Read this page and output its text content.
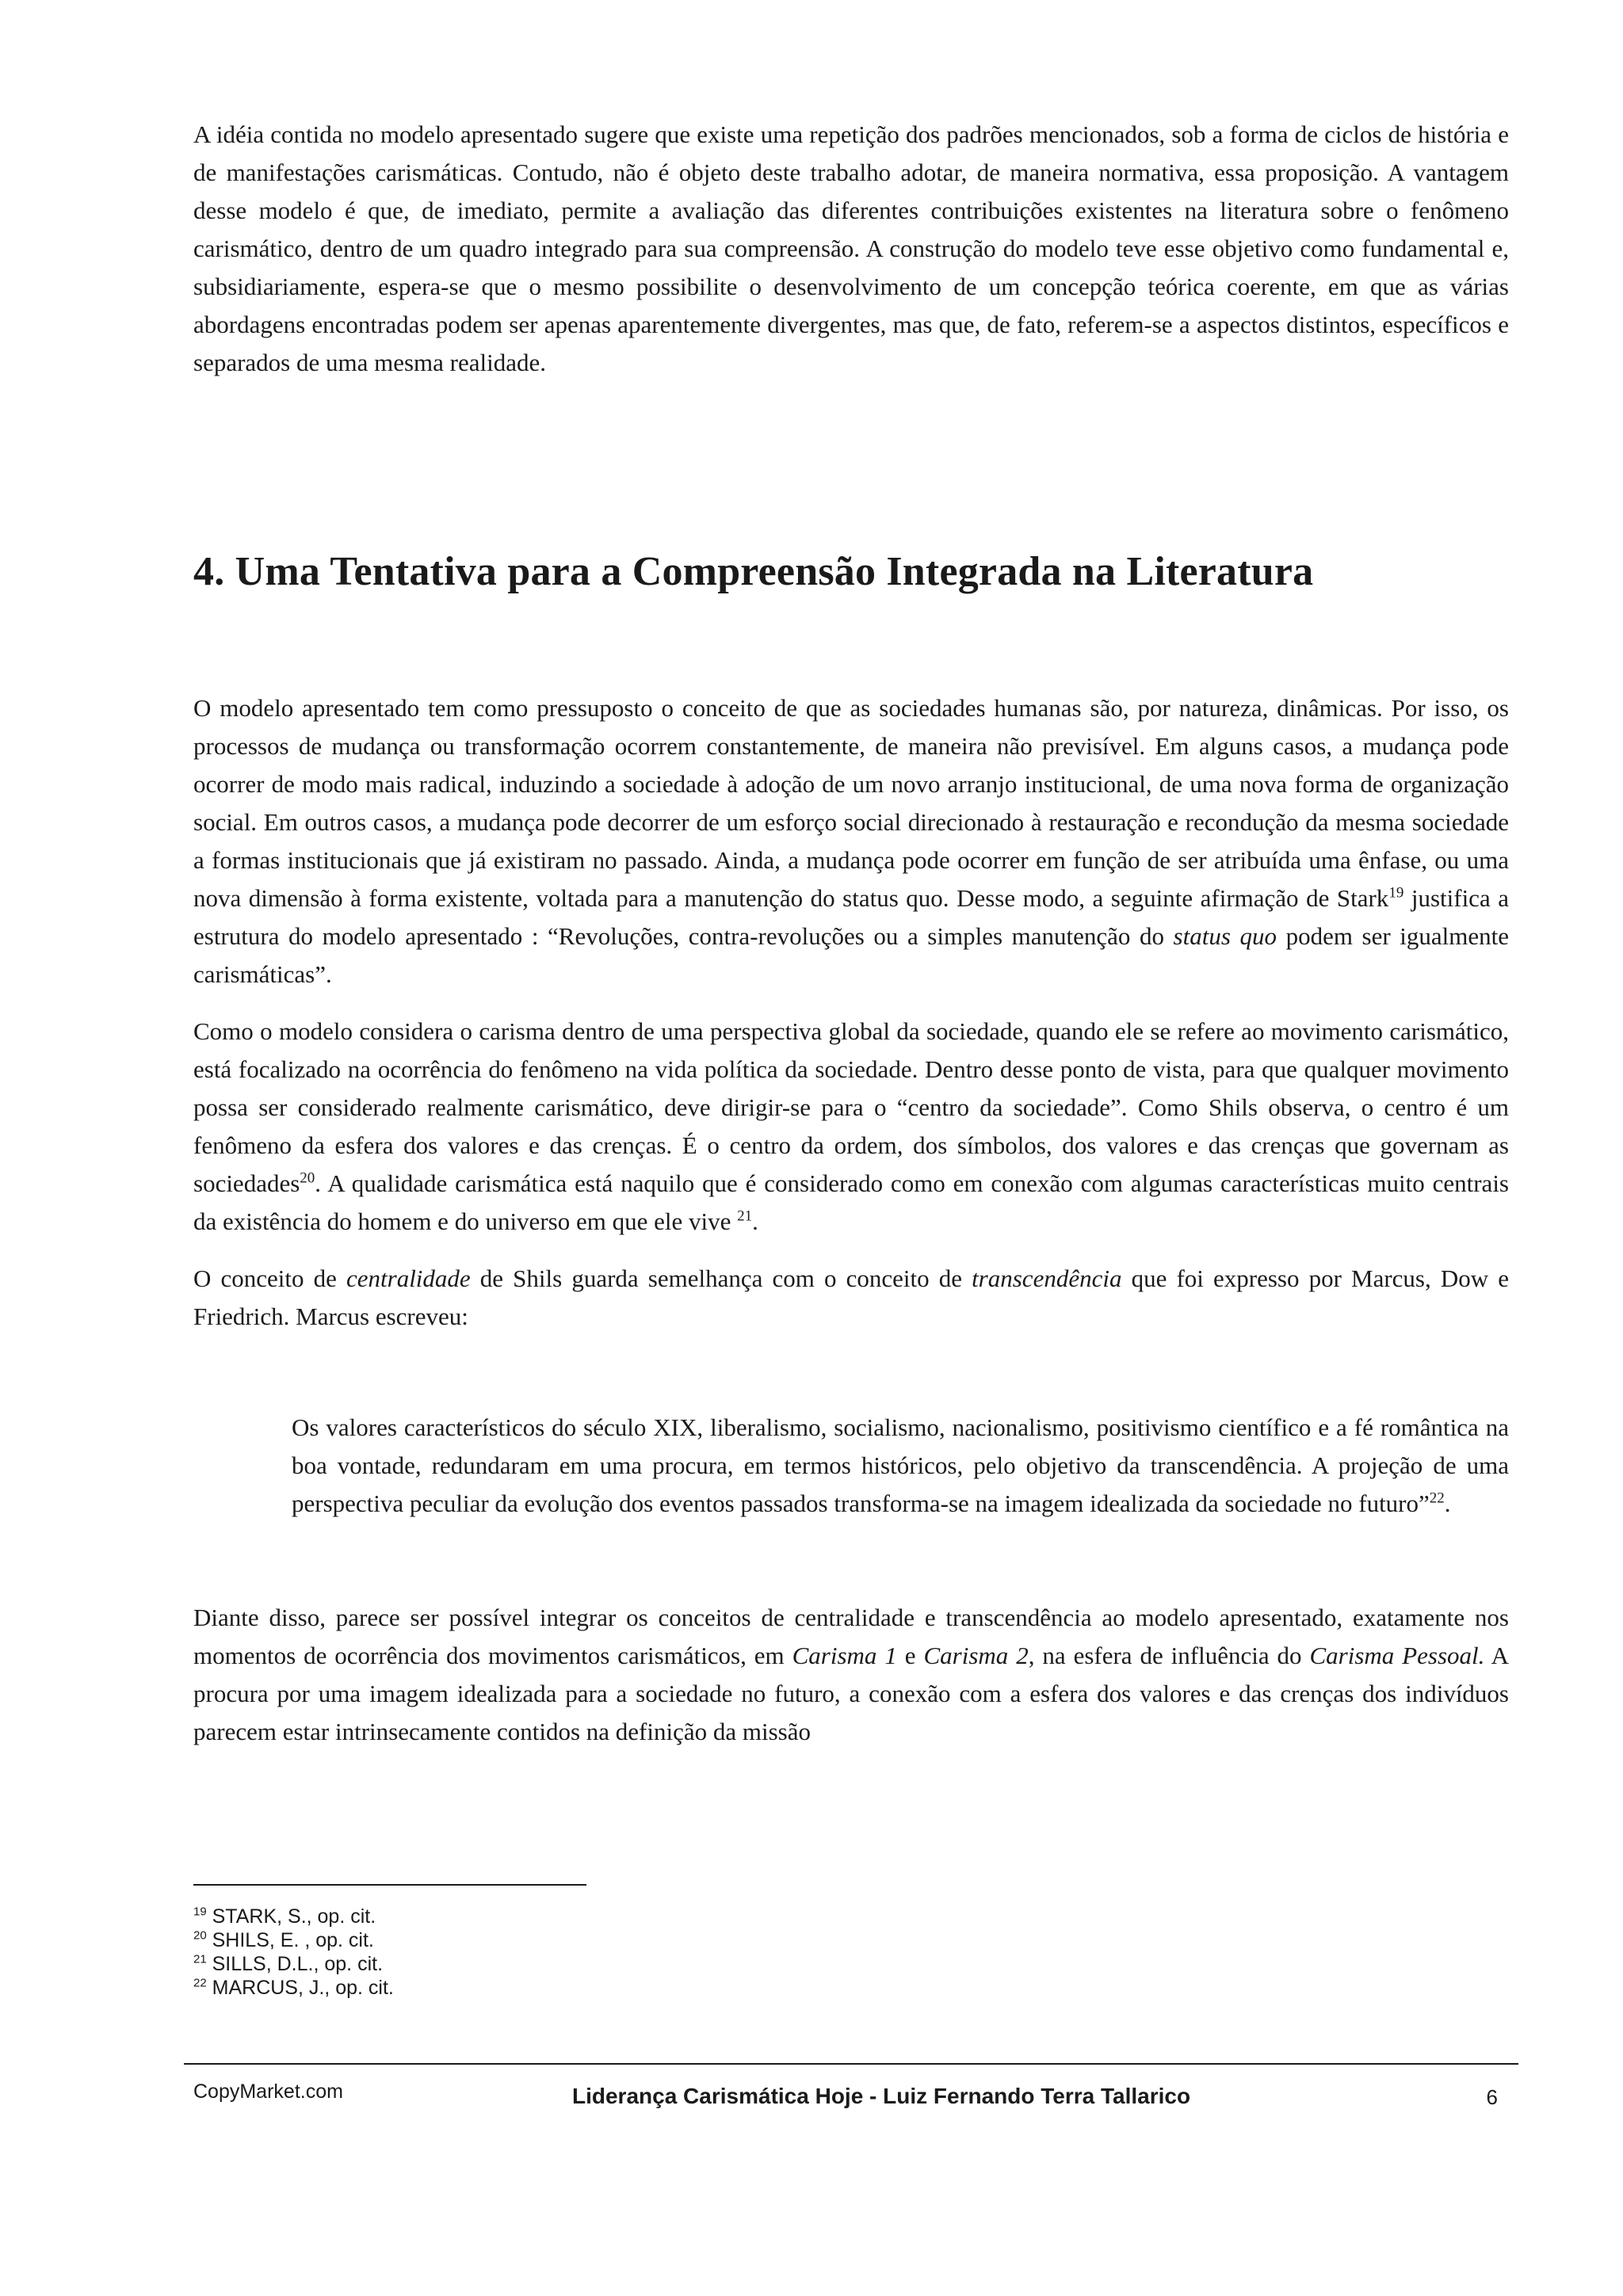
A idéia contida no modelo apresentado sugere que existe uma repetição dos padrões mencionados, sob a forma de ciclos de história e de manifestações carismáticas. Contudo, não é objeto deste trabalho adotar, de maneira normativa, essa proposição. A vantagem desse modelo é que, de imediato, permite a avaliação das diferentes contribuições existentes na literatura sobre o fenômeno carismático, dentro de um quadro integrado para sua compreensão. A construção do modelo teve esse objetivo como fundamental e, subsidiariamente, espera-se que o mesmo possibilite o desenvolvimento de um concepção teórica coerente, em que as várias abordagens encontradas podem ser apenas aparentemente divergentes, mas que, de fato, referem-se a aspectos distintos, específicos e separados de uma mesma realidade.

4. Uma Tentativa para a Compreensão Integrada na Literatura

O modelo apresentado tem como pressuposto o conceito de que as sociedades humanas são, por natureza, dinâmicas. Por isso, os processos de mudança ou transformação ocorrem constantemente, de maneira não previsível. Em alguns casos, a mudança pode ocorrer de modo mais radical, induzindo a sociedade à adoção de um novo arranjo institucional, de uma nova forma de organização social. Em outros casos, a mudança pode decorrer de um esforço social direcionado à restauração e recondução da mesma sociedade a formas institucionais que já existiram no passado. Ainda, a mudança pode ocorrer em função de ser atribuída uma ênfase, ou uma nova dimensão à forma existente, voltada para a manutenção do status quo. Desse modo, a seguinte afirmação de Stark$^{19}$ justifica a estrutura do modelo apresentado : “Revoluções, contra-revoluções ou a simples manutenção do status quo podem ser igualmente carismáticas”.

Como o modelo considera o carisma dentro de uma perspectiva global da sociedade, quando ele se refere ao movimento carismático, está focalizado na ocorrência do fenômeno na vida política da sociedade. Dentro desse ponto de vista, para que qualquer movimento possa ser considerado realmente carismático, deve dirigir-se para o “centro da sociedade”. Como Shils observa, o centro é um fenômeno da esfera dos valores e das crenças. É o centro da ordem, dos símbolos, dos valores e das crenças que governam as sociedades$^{20}$. A qualidade carismática está naquilo que é considerado como em conexão com algumas características muito centrais da existência do homem e do universo em que ele vive $^{21}$.

O conceito de centralidade de Shils guarda semelhança com o conceito de transcendência que foi expresso por Marcus, Dow e Friedrich. Marcus escreveu:

Os valores característicos do século XIX, liberalismo, socialismo, nacionalismo, positivismo científico e a fé romântica na boa vontade, redundaram em uma procura, em termos históricos, pelo objetivo da transcendência. A projeção de uma perspectiva peculiar da evolução dos eventos passados transforma-se na imagem idealizada da sociedade no futuro”$^{22}$.

Diante disso, parece ser possível integrar os conceitos de centralidade e transcendência ao modelo apresentado, exatamente nos momentos de ocorrência dos movimentos carismáticos, em Carisma 1 e Carisma 2, na esfera de influência do Carisma Pessoal. A procura por uma imagem idealizada para a sociedade no futuro, a conexão com a esfera dos valores e das crenças dos indivíduos parecem estar intrinsecamente contidos na definição da missão

$^{19}$ STARK, S., op. cit.
$^{20}$ SHILS, E. , op. cit.
$^{21}$ SILLS, D.L., op. cit.
$^{22}$ MARCUS, J., op. cit.
CopyMarket.com	Liderança Carismática Hoje - Luiz Fernando Terra Tallarico	6
